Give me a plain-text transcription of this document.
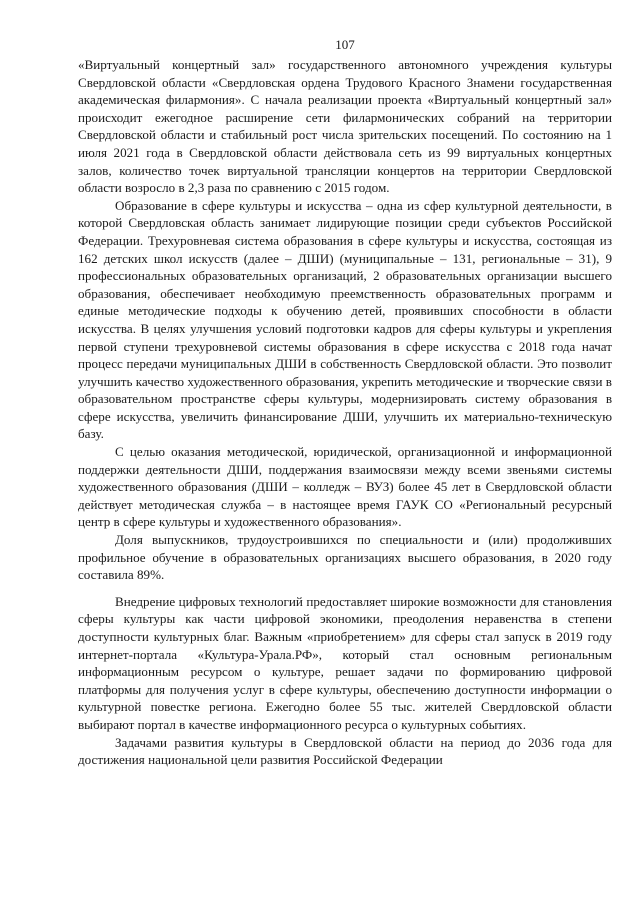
107

«Виртуальный концертный зал» государственного автономного учреждения культуры Свердловской области «Свердловская ордена Трудового Красного Знамени государственная академическая филармония». С начала реализации проекта «Виртуальный концертный зал» происходит ежегодное расширение сети филармонических собраний на территории Свердловской области и стабильный рост числа зрительских посещений. По состоянию на 1 июля 2021 года в Свердловской области действовала сеть из 99 виртуальных концертных залов, количество точек виртуальной трансляции концертов на территории Свердловской области возросло в 2,3 раза по сравнению с 2015 годом.

Образование в сфере культуры и искусства – одна из сфер культурной деятельности, в которой Свердловская область занимает лидирующие позиции среди субъектов Российской Федерации. Трехуровневая система образования в сфере культуры и искусства, состоящая из 162 детских школ искусств (далее – ДШИ) (муниципальные – 131, региональные – 31), 9 профессиональных образовательных организаций, 2 образовательных организации высшего образования, обеспечивает необходимую преемственность образовательных программ и единые методические подходы к обучению детей, проявивших способности в области искусства. В целях улучшения условий подготовки кадров для сферы культуры и укрепления первой ступени трехуровневой системы образования в сфере искусства с 2018 года начат процесс передачи муниципальных ДШИ в собственность Свердловской области. Это позволит улучшить качество художественного образования, укрепить методические и творческие связи в образовательном пространстве сферы культуры, модернизировать систему образования в сфере искусства, увеличить финансирование ДШИ, улучшить их материально-техническую базу.

С целью оказания методической, юридической, организационной и информационной поддержки деятельности ДШИ, поддержания взаимосвязи между всеми звеньями системы художественного образования (ДШИ – колледж – ВУЗ) более 45 лет в Свердловской области действует методическая служба – в настоящее время ГАУК СО «Региональный ресурсный центр в сфере культуры и художественного образования».

Доля выпускников, трудоустроившихся по специальности и (или) продолживших профильное обучение в образовательных организациях высшего образования, в 2020 году составила 89%.

Внедрение цифровых технологий предоставляет широкие возможности для становления сферы культуры как части цифровой экономики, преодоления неравенства в степени доступности культурных благ. Важным «приобретением» для сферы стал запуск в 2019 году интернет-портала «Культура-Урала.РФ», который стал основным региональным информационным ресурсом о культуре, решает задачи по формированию цифровой платформы для получения услуг в сфере культуры, обеспечению доступности информации о культурной повестке региона. Ежегодно более 55 тыс. жителей Свердловской области выбирают портал в качестве информационного ресурса о культурных событиях.

Задачами развития культуры в Свердловской области на период до 2036 года для достижения национальной цели развития Российской Федерации
